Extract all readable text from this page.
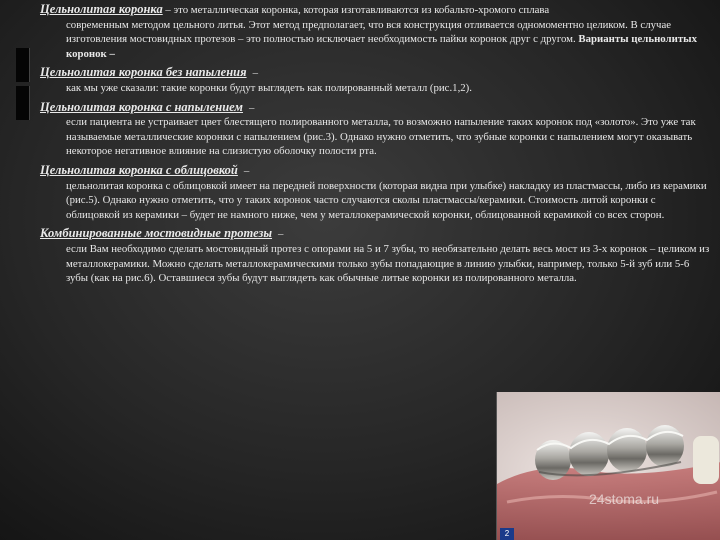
Цельнолитая коронка – это металлическая коронка, которая изготавливаются из кобальто-хромого сплава
современным методом цельного литья. Этот метод предполагает, что вся конструкция отливается одномоментно целиком. В случае изготовления мостовидных протезов – это полностью исключает необходимость пайки коронок друг с другом. Варианты цельнолитых коронок –
Цельнолитая коронка без напыления –
как мы уже сказали: такие коронки будут выглядеть как полированный металл (рис.1,2).
Цельнолитая коронка с напылением –
если пациента не устраивает цвет блестящего полированного металла, то возможно напыление таких коронок под «золото». Это уже так называемые металлические коронки с напылением (рис.3). Однако нужно отметить, что зубные коронки с напылением могут оказывать некоторое негативное влияние на слизистую оболочку полости рта.
Цельнолитая коронка с облицовкой –
цельнолитая коронка с облицовкой имеет на передней поверхности (которая видна при улыбке) накладку из пластмассы, либо из керамики (рис.5). Однако нужно отметить, что у таких коронок часто случаются сколы пластмассы/керамики. Стоимость литой коронки с облицовкой из керамики – будет не намного ниже, чем у металлокерамической коронки, облицованной керамикой со всех сторон.
Комбинированные мостовидные протезы –
если Вам необходимо сделать мостовидный протез с опорами на 5 и 7 зубы, то необязательно делать весь мост из 3-х коронок – целиком из металлокерамики. Можно сделать металлокерамическими только зубы попадающие в линию улыбки, например, только 5-й зуб или 5-6 зубы (как на рис.6). Оставшиеся зубы будут выглядеть как обычные литые коронки из полированного металла.
24stoma.ru
2
